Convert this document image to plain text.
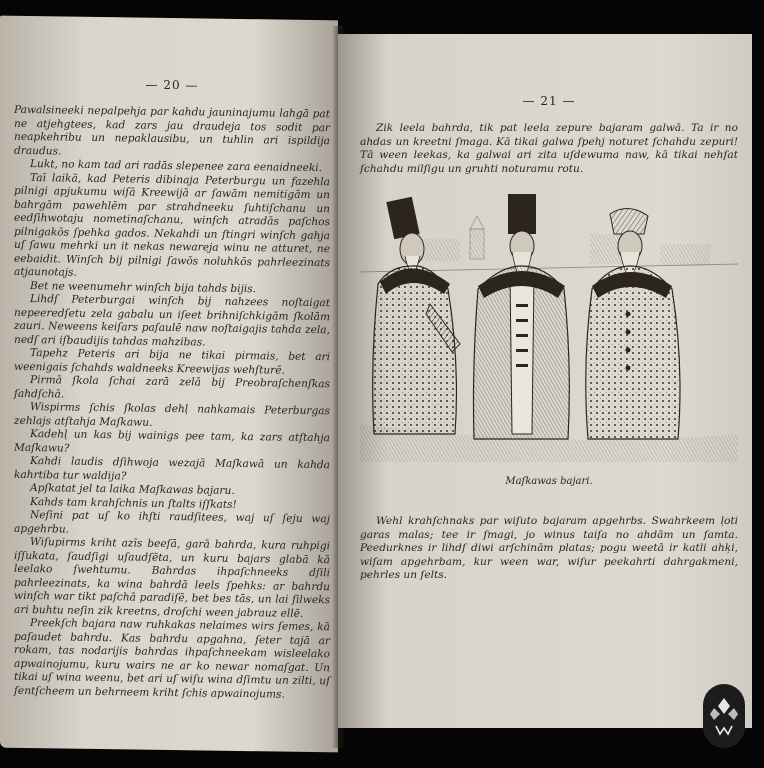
— 20 —

Pawalsineeki nepalpehja par kahdu jauninajumu lahgā pat ne atjehgtees, kad zars jau draudeja tos sodit par neapkehribu un nepaklausibu, un tuhlin ari ispildija draudus.

Lukt, no kam tad ari radās slepenee zara eenaidneeki.

Taī laikā, kad Peteris dibinaja Peterburgu un fazehla pilnigi apjukumu wiſā Kreewijā ar ſawām nemitigām un bahrgām pawehlēm par strahdneeku ſuhtiſchanu un eedſihwotaju nometinaſchanu, winſch atradās paſchos pilnigakōs ſpehka gados. Nekahdi un ſtingri winſch gahja uſ ſawu mehrki un it nekas newareja winu ne atturet, ne eebaidit. Winſch bij pilnigi ſawōs noluhkōs pahrleezinats atjaunotajs.

Bet ne weenumehr winſch bija tahds bijis.

Lihdſ Peterburgai winſch bij nahzees noſtaigat nepeeredſetu zela gabalu un iſeet brihniſchkigām ſkolām zauri. Neweens keiſars paſaulē naw noſtaigajis tahda zela, nedſ ari iſbaudijis tahdas mahzibas.

Tapehz Peteris ari bija ne tikai pirmais, bet ari weenigais ſchahds waldneeks Kreewijas wehſturē.

Pirmā ſkola ſchai zarā zelā bij Preobraſchenſkas ſahdſchā.

Wispirms ſchis ſkolas dehļ nahkamais Peterburgas zehlajs atſtahja Maſkawu.

Kadehļ un kas bij wainigs pee tam, ka zars atſtahja Maſkawu?

Kahdi laudis dſihwoja wezajā Maſkawā un kahda kahrtiba tur waldija?

Apſkatat jel ta laika Maſkawas bajaru.

Kahds tam krahſchnis un ſtalts iſſkats!

Neſini pat uſ ko ihſti raudſitees, waj uſ ſeju waj apgehrbu.

Wiſupirms kriht azīs beeſā, garā bahrda, kura ruhpigi iſſukata, ſaudſigi uſaudſēta, un kuru bajars glabā kā leelako ſwehtumu. Bahrdas ihpaſchneeks dſili pahrleezinats, ka wina bahrdā leels ſpehks: ar bahrdu winſch war tikt paſchā paradiſē, bet bes tās, un lai ſilweks ari buhtu neſin zik kreetns, droſchi ween jabrauz ellē.

Preekſch bajara naw ruhkakas nelaimes wirs ſemes, kā paſaudet bahrdu. Kas bahrdu apgahna, ſeter tajā ar rokam, tas nodarijis bahrdas ihpaſchneekam wisleelako apwainojumu, kuru wairs ne ar ko newar nomaſgat. Un tikai uſ wina weenu, bet ari uſ wiſu wina dſimtu un zilti, uſ ſentſcheem un behrneem kriht ſchis apwainojums.

— 21 —

Zik leela bahrda, tik pat leela zepure bajaram galwā. Ta ir no ahdas un kreetni ſmaga. Kā tikai galwa ſpehj noturet ſchahdu zepuri! Tā ween leekas, ka galwai ari zita uſdewuma naw, kā tikai nehſat ſchahdu milſigu un gruhti noturamu rotu.

Maſkawas bajari.

Wehl krahſchnaks par wiſuto bajaram apgehrbs. Swahrkeem ļoti garas malas; tee ir ſmagi, jo winus taiſa no ahdām un ſamta. Peedurknes ir lihdſ diwi arſchinām platas; pogu weetā ir katli ahķi, wiſam apgehrbam, kur ween war, wiſur peekahrti dahrgakmeni, pehrles un ſelts.
